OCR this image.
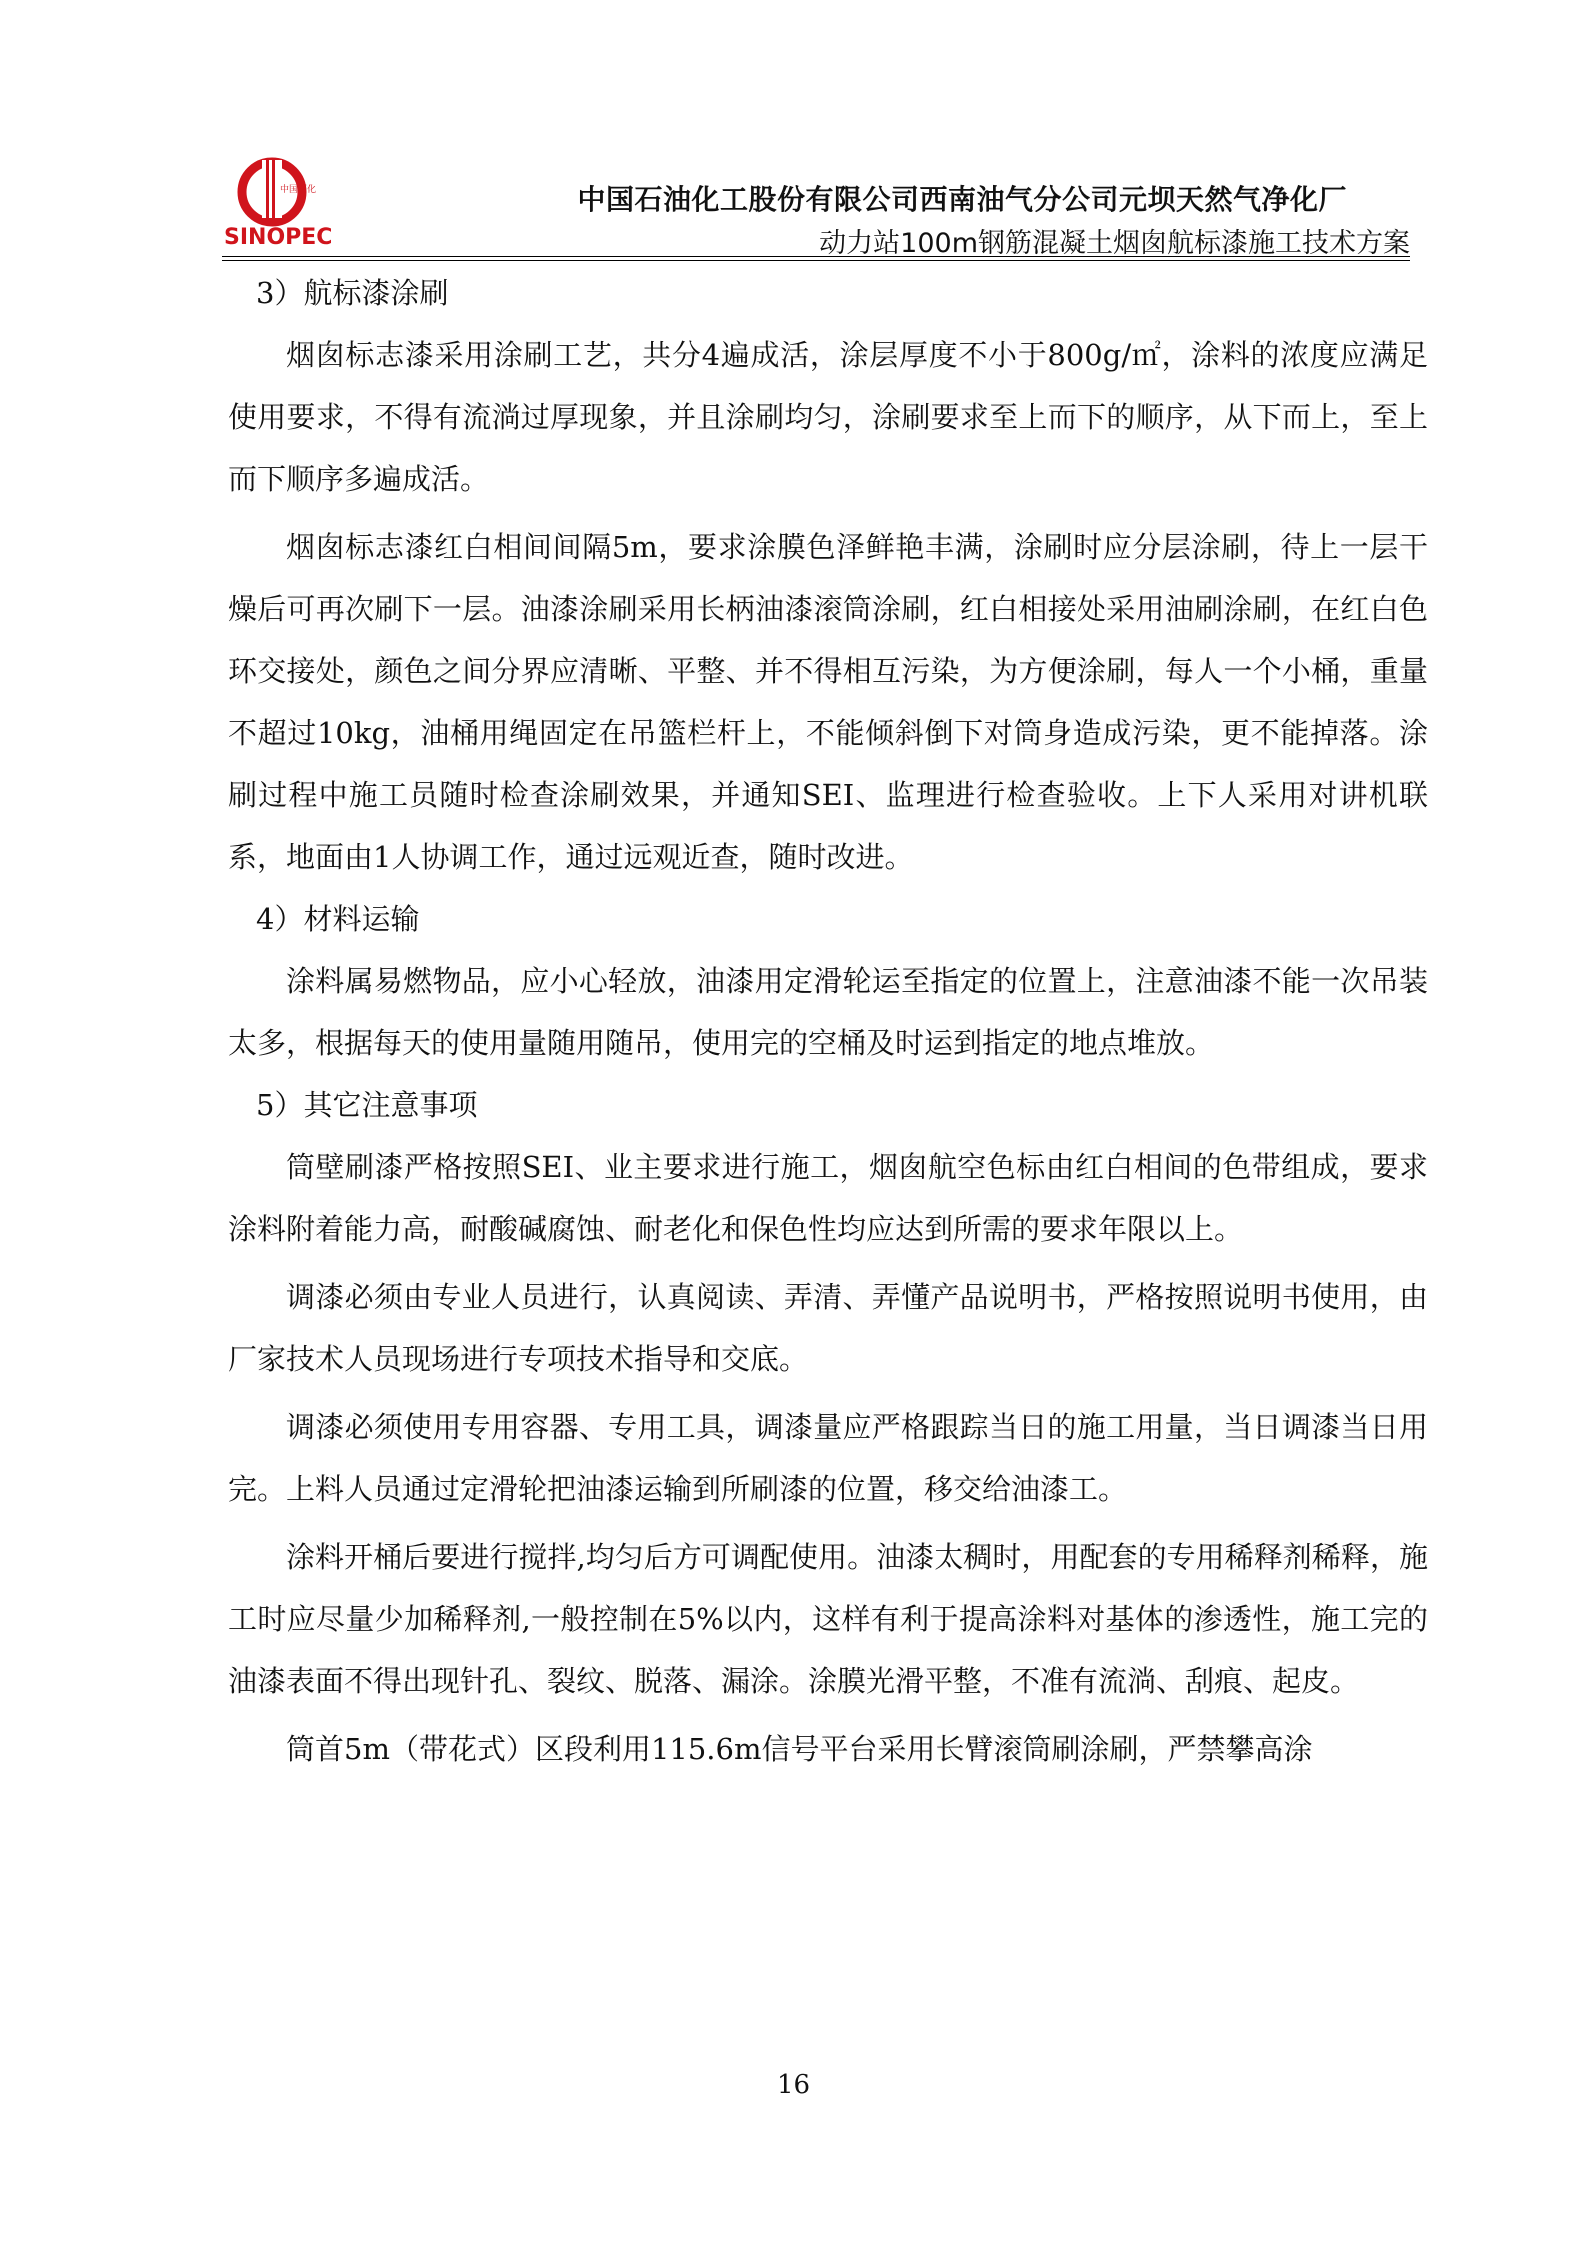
中国石化
SINOPEC
中国石油化工股份有限公司西南油气分公司元坝天然气净化厂
动力站100m钢筋混凝土烟囱航标漆施工技术方案

3）航标漆涂刷

烟囱标志漆采用涂刷工艺，共分4遍成活，涂层厚度不小于800g/㎡，涂料的浓度应满足使用要求，不得有流淌过厚现象，并且涂刷均匀，涂刷要求至上而下的顺序，从下而上，至上而下顺序多遍成活。

烟囱标志漆红白相间间隔5m，要求涂膜色泽鲜艳丰满，涂刷时应分层涂刷，待上一层干燥后可再次刷下一层。油漆涂刷采用长柄油漆滚筒涂刷，红白相接处采用油刷涂刷，在红白色环交接处，颜色之间分界应清晰、平整、并不得相互污染，为方便涂刷，每人一个小桶，重量不超过10kg，油桶用绳固定在吊篮栏杆上，不能倾斜倒下对筒身造成污染，更不能掉落。涂刷过程中施工员随时检查涂刷效果，并通知SEI、监理进行检查验收。上下人采用对讲机联系，地面由1人协调工作，通过远观近查，随时改进。

4）材料运输

涂料属易燃物品，应小心轻放，油漆用定滑轮运至指定的位置上，注意油漆不能一次吊装太多，根据每天的使用量随用随吊，使用完的空桶及时运到指定的地点堆放。

5）其它注意事项

筒壁刷漆严格按照SEI、业主要求进行施工，烟囱航空色标由红白相间的色带组成，要求涂料附着能力高，耐酸碱腐蚀、耐老化和保色性均应达到所需的要求年限以上。

调漆必须由专业人员进行，认真阅读、弄清、弄懂产品说明书，严格按照说明书使用，由厂家技术人员现场进行专项技术指导和交底。

调漆必须使用专用容器、专用工具，调漆量应严格跟踪当日的施工用量，当日调漆当日用完。上料人员通过定滑轮把油漆运输到所刷漆的位置，移交给油漆工。

涂料开桶后要进行搅拌,均匀后方可调配使用。油漆太稠时，用配套的专用稀释剂稀释，施工时应尽量少加稀释剂,一般控制在5%以内，这样有利于提高涂料对基体的渗透性，施工完的油漆表面不得出现针孔、裂纹、脱落、漏涂。涂膜光滑平整，不准有流淌、刮痕、起皮。

筒首5m（带花式）区段利用115.6m信号平台采用长臂滚筒刷涂刷，严禁攀高涂

16
